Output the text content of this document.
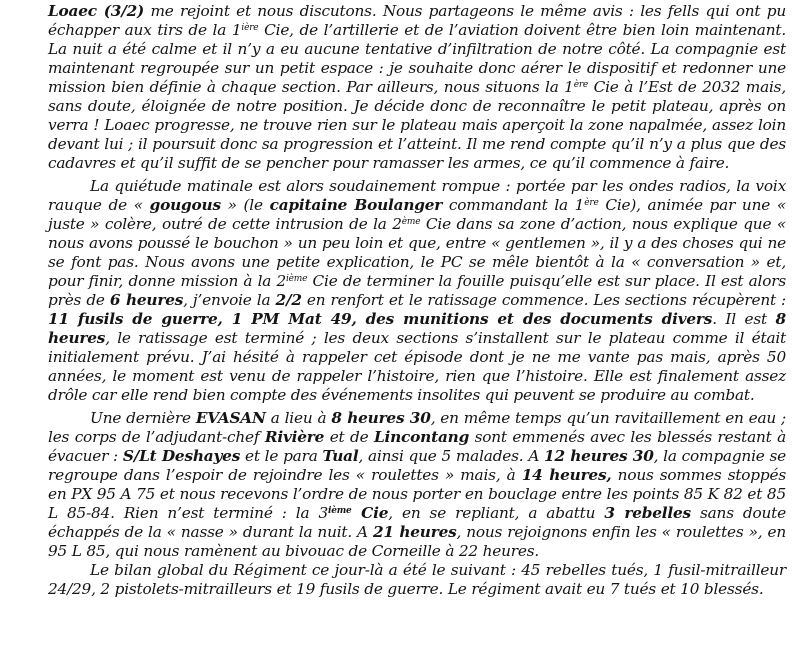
Loaec (3/2) me rejoint et nous discutons. Nous partageons le même avis : les fells qui ont pu échapper aux tirs de la $1^{ière}$ Cie, de l’artillerie et de l’aviation doivent être bien loin maintenant. La nuit a été calme et il n’y a eu aucune tentative d’infiltration de notre côté. La compagnie est maintenant regroupée sur un petit espace : je souhaite donc aérer le dispositif et redonner une mission bien définie à chaque section. Par ailleurs, nous situons la 1ère Cie à l’Est de 2032 mais, sans doute, éloignée de notre position. Je décide donc de reconnaître le petit plateau, après on verra ! Loaec progresse, ne trouve rien sur le plateau mais aperçoit la zone napalmée, assez loin devant lui ; il poursuit donc sa progression et l’atteint. Il me rend compte qu’il n’y a plus que des cadavres et qu’il suffit de se pencher pour ramasser les armes, ce qu’il commence à faire.

La quiétude matinale est alors soudainement rompue : portée par les ondes radios, la voix rauque de « gougous » (le capitaine Boulanger commandant la 1ère Cie), animée par une « juste » colère, outré de cette intrusion de la 2ème Cie dans sa zone d’action, nous explique que « nous avons poussé le bouchon » un peu loin et que, entre « gentlemen », il y a des choses qui ne se font pas. Nous avons une petite explication, le PC se mêle bientôt à la « conversation » et, pour finir, donne mission à la 2ième Cie de terminer la fouille puisqu’elle est sur place. Il est alors près de 6 heures, j’envoie la 2/2 en renfort et le ratissage commence. Les sections récupèrent : 11 fusils de guerre, 1 PM Mat 49, des munitions et des documents divers. Il est 8 heures, le ratissage est terminé ; les deux sections s’installent sur le plateau comme il était initialement prévu. J’ai hésité à rappeler cet épisode dont je ne me vante pas mais, après 50 années, le moment est venu de rappeler l’histoire, rien que l’histoire. Elle est finalement assez drôle car elle rend bien compte des événements insolites qui peuvent se produire au combat.

Une dernière EVASAN a lieu à 8 heures 30, en même temps qu’un ravitaillement en eau ; les corps de l’adjudant-chef Rivière et de Lincontang sont emmenés avec les blessés restant à évacuer : S/Lt Deshayes et le para Tual, ainsi que 5 malades. A 12 heures 30, la compagnie se regroupe dans l’espoir de rejoindre les « roulettes » mais, à 14 heures, nous sommes stoppés en PX 95 A 75 et nous recevons l’ordre de nous porter en bouclage entre les points 85 K 82 et 85 L 85-84. Rien n’est terminé : la 3ième Cie, en se repliant, a abattu 3 rebelles sans doute échappés de la « nasse » durant la nuit. A 21 heures, nous rejoignons enfin les « roulettes », en 95 L 85, qui nous ramènent au bivouac de Corneille à 22 heures.

Le bilan global du Régiment ce jour-là a été le suivant : 45 rebelles tués, 1 fusil-mitrailleur 24/29, 2 pistolets-mitrailleurs et 19 fusils de guerre. Le régiment avait eu 7 tués et 10 blessés.
